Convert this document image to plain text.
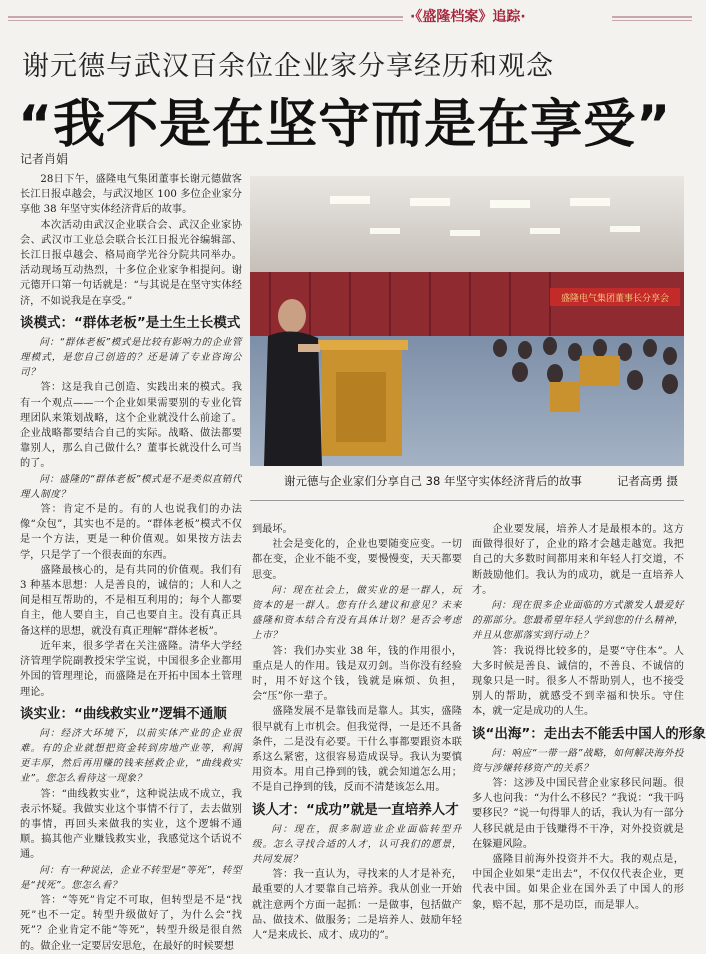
·《盛隆档案》追踪·
谢元德与武汉百余位企业家分享经历和观念
“我不是在坚守而是在享受”
记者肖娟

28日下午，盛隆电气集团董事长谢元德做客长江日报卓越会，与武汉地区 100 多位企业家分享他 38 年坚守实体经济背后的故事。

本次活动由武汉企业联合会、武汉企业家协会、武汉市工业总会联合长江日报光谷编辑部、长江日报卓越会、格局商学光谷分院共同举办。活动现场互动热烈，十多位企业家争相提问。谢元德开口第一句话就是：“与其说是在坚守实体经济，不如说我是在享受。”

谈模式：“群体老板”是土生土长模式

问：“群体老板”模式是比较有影响力的企业管理模式，是您自己创造的？还是请了专业咨询公司？

答：这是我自己创造、实践出来的模式。我有一个观点——一个企业如果需要别的专业化管理团队来策划战略，这个企业就没什么前途了。企业战略都要结合自己的实际。战略、做法都要靠别人，那么自己做什么？董事长就没什么可当的了。

问：盛隆的“群体老板”模式是不是类似直销代理人制度？

答：肯定不是的。有的人也说我们的办法像“众包”，其实也不是的。“群体老板”模式不仅是一个方法，更是一种价值观。如果按方法去学，只是学了一个很表面的东西。

盛隆最核心的，是有共同的价值观。我们有 3 种基本思想：人是善良的，诚信的；人和人之间是相互帮助的，不是相互利用的；每个人都要自主，他人要自主，自己也要自主。没有真正具备这样的思想，就没有真正理解“群体老板”。

近年来，很多学者在关注盛隆。清华大学经济管理学院副教授宋学宝说，中国很多企业都用外国的管理理论，而盛隆是在开拓中国本土管理理论。

谈实业：“曲线救实业”逻辑不通顺

问：经济大环境下，以前实体产业的企业很难。有的企业就想把资金转到房地产业等，利润更丰厚，然后再用赚的钱来拯救企业，“曲线救实业”。您怎么看待这一现象？

答：“曲线救实业”，这种说法成不成立，我表示怀疑。我做实业这个事情不行了，去去做别的事情，再回头来做我的实业，这个逻辑不通顺。搞其他产业赚钱救实业，我感觉这个话说不通。

问：有一种说法，企业不转型是“等死”，转型是“找死”。您怎么看？

答：“等死”肯定不可取，但转型是不是“找死”也不一定。转型升级做好了，为什么会“找死”？企业肯定不能“等死”，转型升级是很自然的。做企业一定要居安思危，在最好的时候要想

盛隆电气集团董事长分享会
谢元德与企业家们分享自己 38 年坚守实体经济背后的故事	记者高勇 摄

到最坏。

社会是变化的，企业也要随变应变。一切都在变，企业不能不变，要慢慢变，天天都要思变。

问：现在社会上，做实业的是一群人，玩资本的是一群人。您有什么建议和意见？未来盛隆和资本结合有没有具体计划？是否会考虑上市？

答：我们办实业 38 年，钱的作用很小，重点是人的作用。钱是双刃剑。当你没有经验时，用不好这个钱，钱就是麻烦、负担，会“压”你一辈子。

盛隆发展不是靠钱而是靠人。其实，盛隆很早就有上市机会。但我觉得，一是还不具备条件，二是没有必要。干什么事都要跟资本联系这么紧密，这很容易造成误导。我认为要慎用资本。用自己挣到的钱，就会知道怎么用；不是自己挣到的钱，反而不清楚该怎么用。

谈人才：“成功”就是一直培养人才

问：现在，很多制造业企业面临转型升级。怎么寻找合适的人才，认可我们的愿景，共同发展？

答：我一直认为，寻找来的人才是补充，最重要的人才要靠自己培养。我从创业一开始就注意两个方面一起抓：一是做事，包括做产品、做技术、做服务；二是培养人、鼓励年轻人“是来成长、成才、成功的”。

企业要发展，培养人才是最根本的。这方面做得很好了，企业的路才会越走越宽。我把自己的大多数时间都用来和年轻人打交道，不断鼓励他们。我认为的成功，就是一直培养人才。

问：现在很多企业面临的方式激发人最爱好的那部分。您最希望年轻人学到您的什么精神，并且从您那落实到行动上？

答：我说得比较多的，是要“守住本”。人大多时候是善良、诚信的，不善良、不诚信的现象只是一时。很多人不帮助别人，也不接受别人的帮助，就感受不到幸福和快乐。守住本，就一定是成功的人生。

谈“出海”：走出去不能丢中国人的形象

问：响应“一带一路”战略，如何解决海外投资与涉嫌转移资产的关系？

答：这涉及中国民营企业家移民问题。很多人也问我：“为什么不移民？”我说：“我干吗要移民？”说一句得罪人的话，我认为有一部分人移民就是由于钱赚得不干净，对外投资就是在躲避风险。

盛隆目前海外投资并不大。我的观点是，中国企业如果“走出去”，不仅仅代表企业，更代表中国。如果企业在国外丢了中国人的形象，赔不起，那不是功臣，而是罪人。
